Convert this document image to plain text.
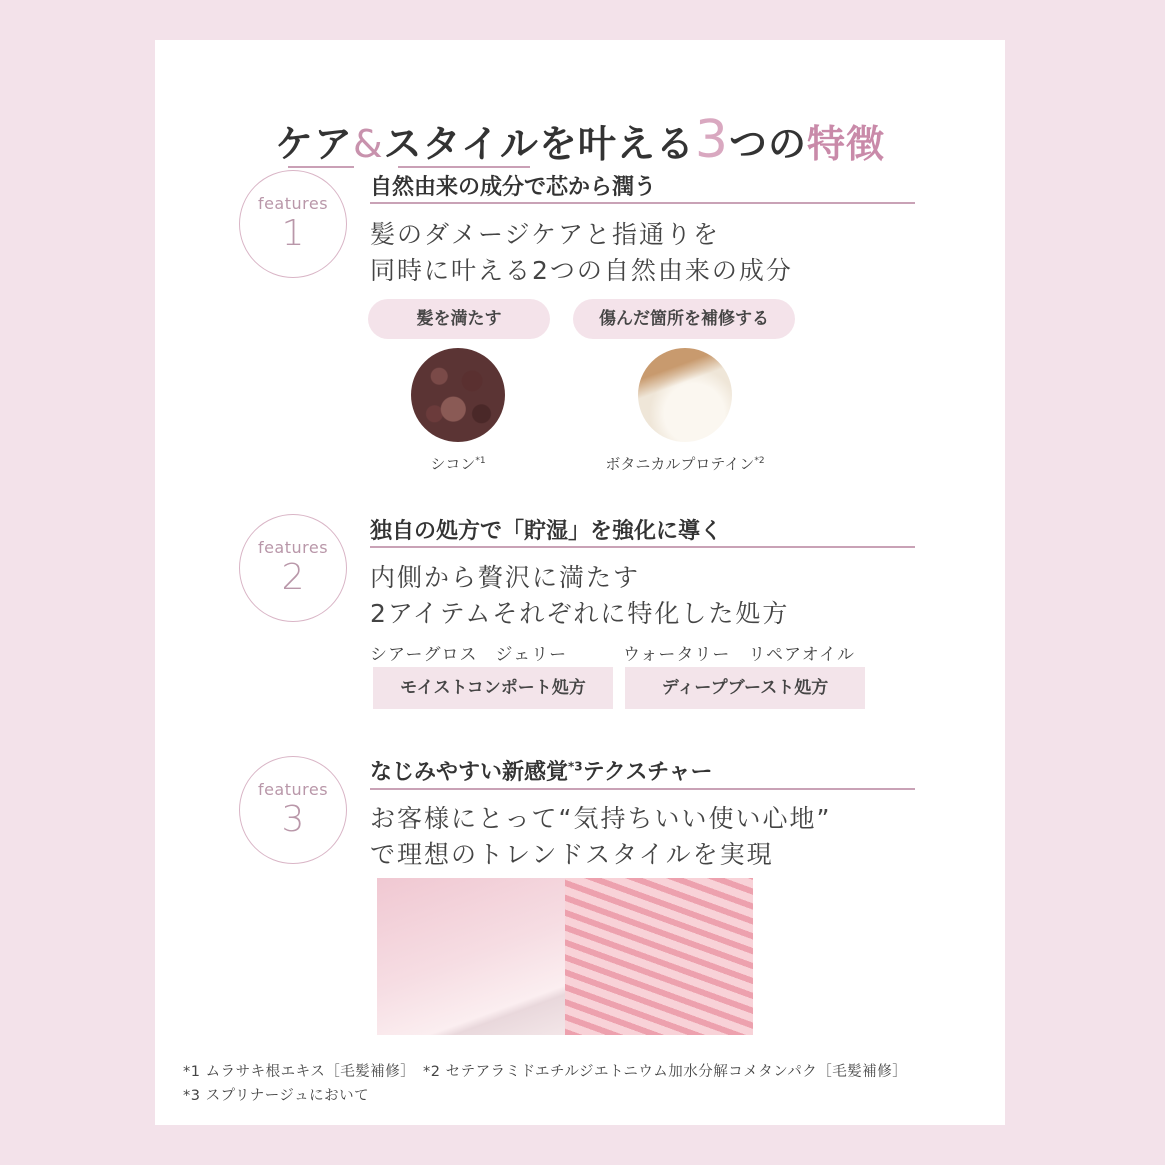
ケア&スタイルを叶える3つの特徴
features
1
自然由来の成分で芯から潤う
髪のダメージケアと指通りを
同時に叶える2つの自然由来の成分
髪を満たす	傷んだ箇所を補修する
シコン$^{*1}$	ボタニカルプロテイン$^{*2}$
features
2
独自の処方で「貯湿」を強化に導く
内側から贅沢に満たす
2アイテムそれぞれに特化した処方
シアーグロス　ジェリー	ウォータリー　リペアオイル
モイストコンポート処方	ディープブースト処方
features
3
なじみやすい新感覚$^{*3}$テクスチャー
お客様にとって“気持ちいい使い心地”
で理想のトレンドスタイルを実現
*1 ムラサキ根エキス［毛髪補修］　*2 セテアラミドエチルジエトニウム加水分解コメタンパク［毛髪補修］
*3 スプリナージュにおいて
